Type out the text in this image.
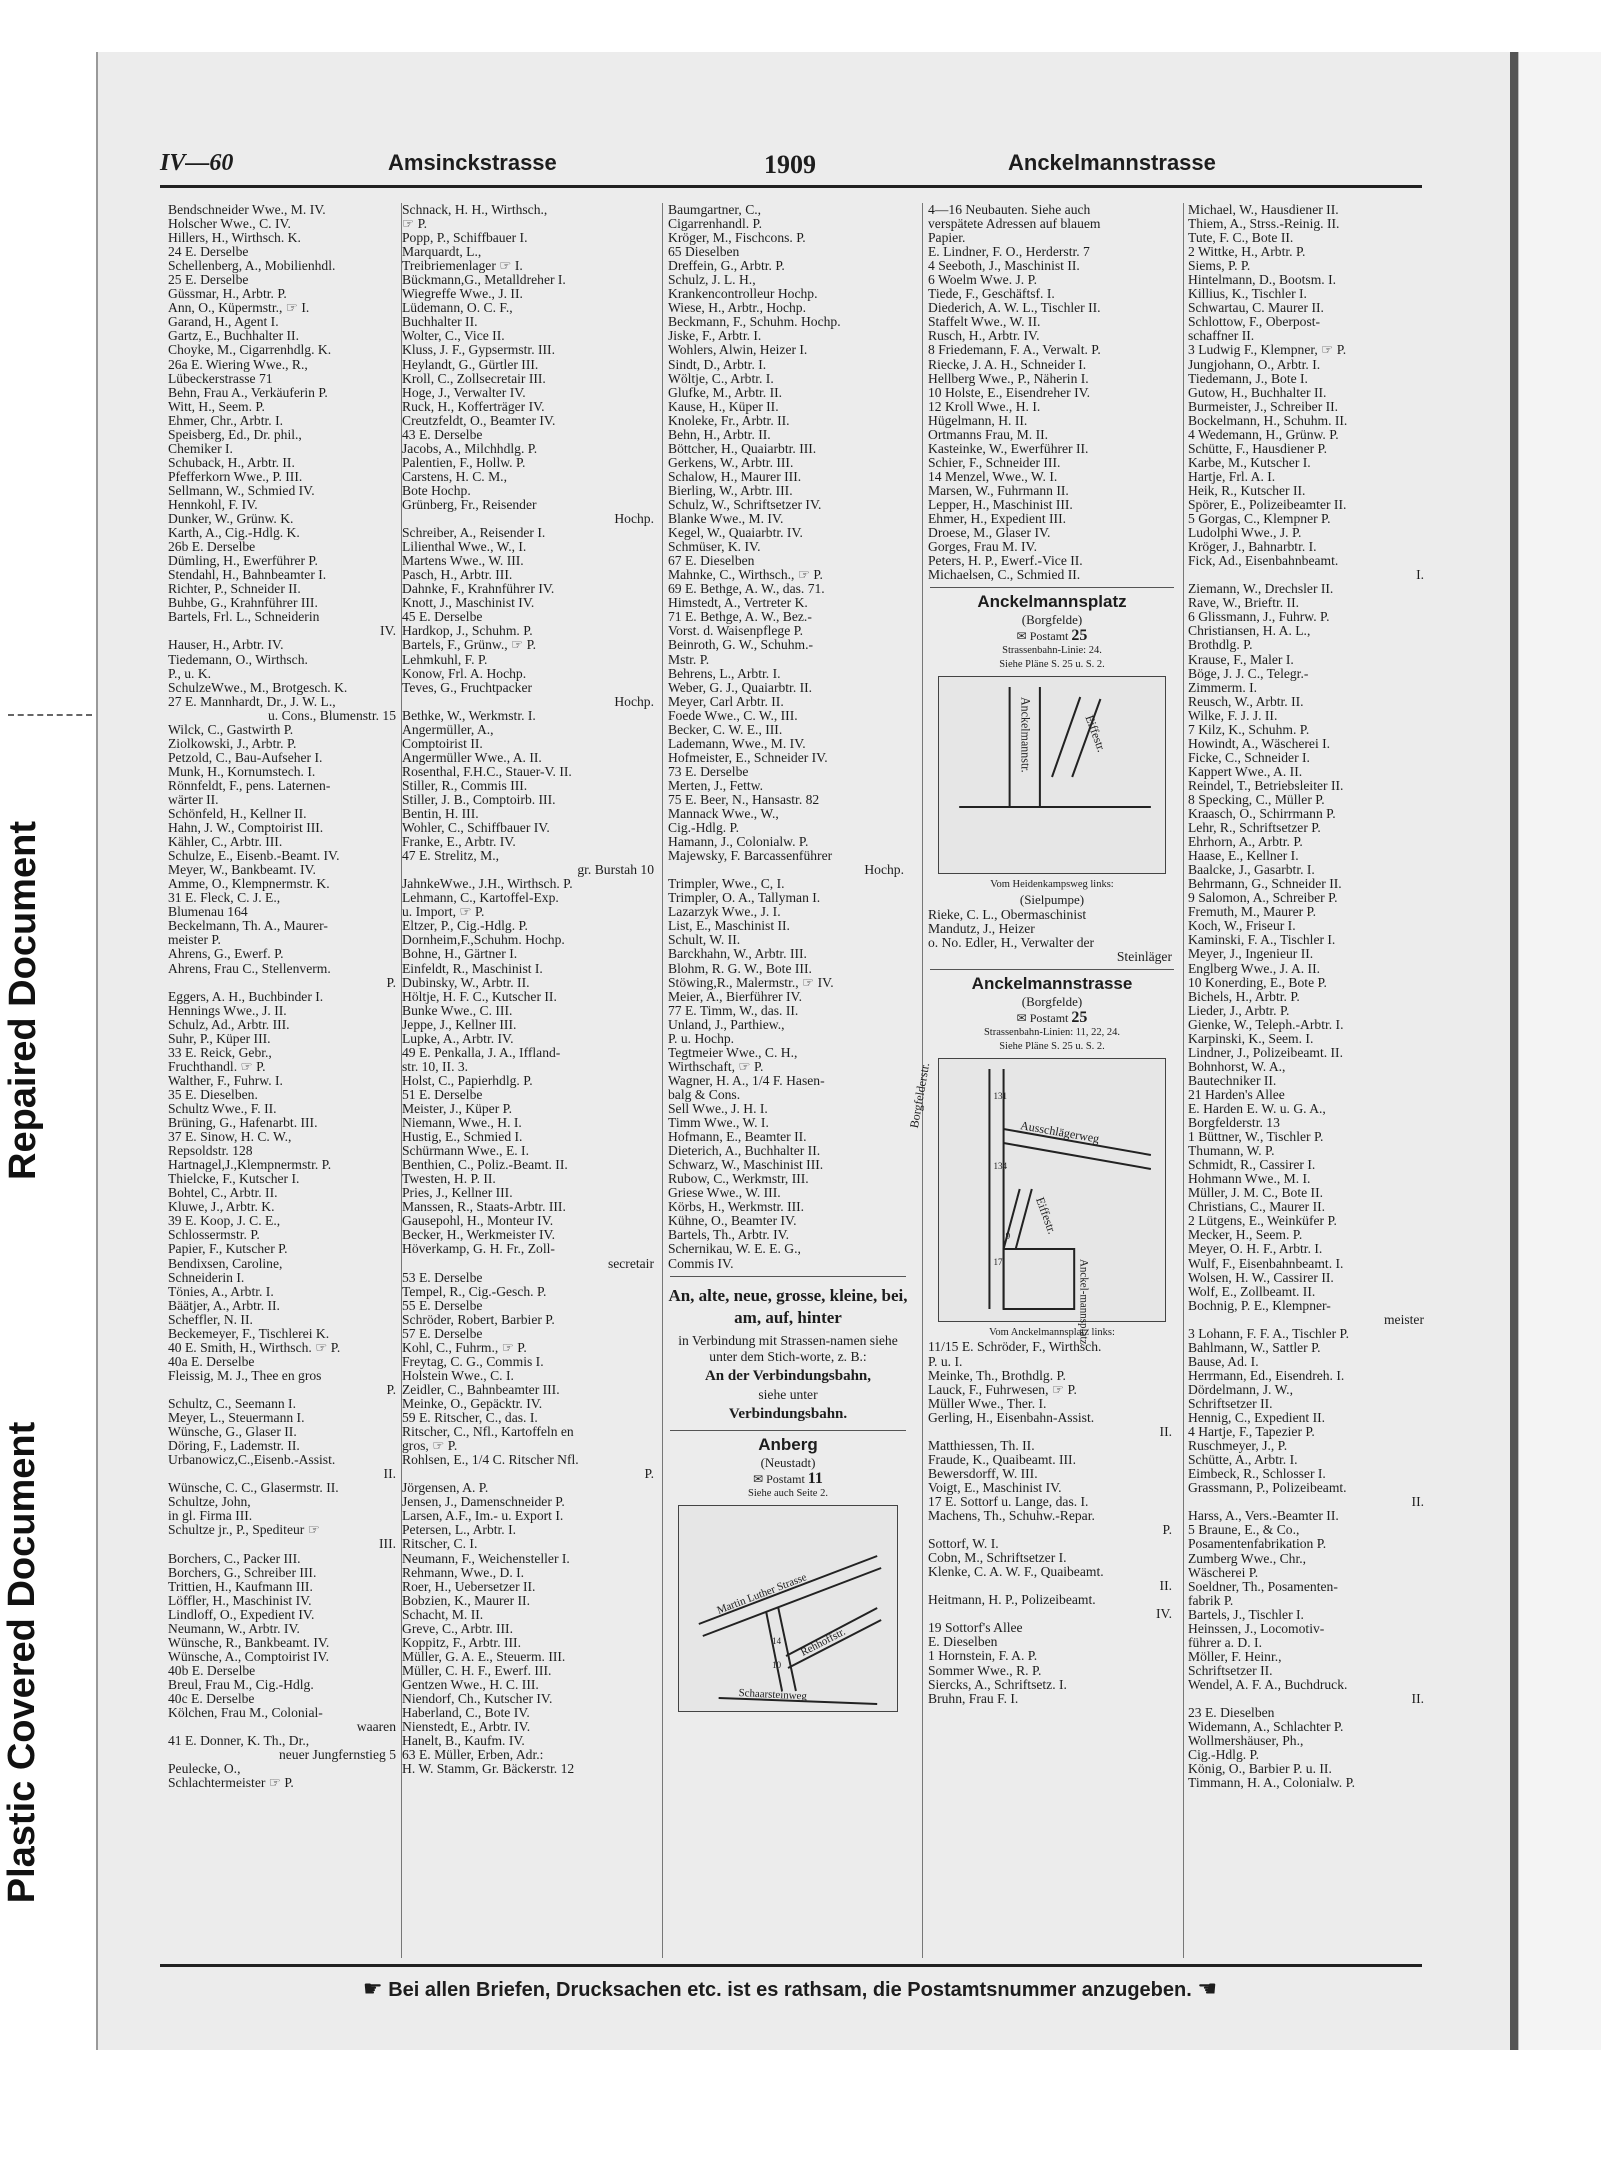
Repaired Document
Plastic Covered Document
IV—60	Amsinckstrasse	1909	Anckelmannstrasse
Bendschneider Wwe., M. IV.
Holscher Wwe., C. IV.
Hillers, H., Wirthsch. K.
24 E. Derselbe
Schellenberg, A., Mobilienhdl.
25 E. Derselbe
Güssmar, H., Arbtr. P.
Ann, O., Küpermstr., ☞ I.
Garand, H., Agent I.
Gartz, E., Buchhalter II.
Choyke, M., Cigarrenhdlg. K.
26a E. Wiering Wwe., R.,
Lübeckerstrasse 71
Behn, Frau A., Verkäuferin P.
Witt, H., Seem. P.
Ehmer, Chr., Arbtr. I.
Speisberg, Ed., Dr. phil.,
Chemiker I.
Schuback, H., Arbtr. II.
Pfefferkorn Wwe., P. III.
Sellmann, W., Schmied IV.
Hennkohl, F. IV.
Dunker, W., Grünw. K.
Karth, A., Cig.-Hdlg. K.
26b E. Derselbe
Dümling, H., Ewerführer P.
Stendahl, H., Bahnbeamter I.
Richter, P., Schneider II.
Buhbe, G., Krahnführer III.
Bartels, Frl. L., Schneiderin
IV.
Hauser, H., Arbtr. IV.
Tiedemann, O., Wirthsch.
P., u. K.
SchulzeWwe., M., Brotgesch. K.
27 E. Mannhardt, Dr., J. W. L.,
u. Cons., Blumenstr. 15
Wilck, C., Gastwirth P.
Ziolkowski, J., Arbtr. P.
Petzold, C., Bau-Aufseher I.
Munk, H., Kornumstech. I.
Rönnfeldt, F., pens. Laternen-
wärter II.
Schönfeld, H., Kellner II.
Hahn, J. W., Comptoirist III.
Kähler, C., Arbtr. III.
Schulze, E., Eisenb.-Beamt. IV.
Meyer, W., Bankbeamt. IV.
Amme, O., Klempnermstr. K.
31 E. Fleck, C. J. E.,
Blumenau 164
Beckelmann, Th. A., Maurer-
meister P.
Ahrens, G., Ewerf. P.
Ahrens, Frau C., Stellenverm.
P.
Eggers, A. H., Buchbinder I.
Hennings Wwe., J. II.
Schulz, Ad., Arbtr. III.
Suhr, P., Küper III.
33 E. Reick, Gebr.,
Fruchthandl. ☞ P.
Walther, F., Fuhrw. I.
35 E. Dieselben.
Schultz Wwe., F. II.
Brüning, G., Hafenarbt. III.
37 E. Sinow, H. C. W.,
Repsoldstr. 128
Hartnagel,J.,Klempnermstr. P.
Thielcke, F., Kutscher I.
Bohtel, C., Arbtr. II.
Kluwe, J., Arbtr. K.
39 E. Koop, J. C. E.,
Schlossermstr. P.
Papier, F., Kutscher P.
Bendixsen, Caroline,
Schneiderin I.
Tönies, A., Arbtr. I.
Bäätjer, A., Arbtr. II.
Scheffler, N. II.
Beckemeyer, F., Tischlerei K.
40 E. Smith, H., Wirthsch. ☞ P.
40a E. Derselbe
Fleissig, M. J., Thee en gros
P.
Schultz, C., Seemann I.
Meyer, L., Steuermann I.
Wünsche, G., Glaser II.
Döring, F., Lademstr. II.
Urbanowicz,C.,Eisenb.-Assist.
II.
Wünsche, C. C., Glasermstr. II.
Schultze, John,
in gl. Firma III.
Schultze jr., P., Spediteur ☞
III.
Borchers, C., Packer III.
Borchers, G., Schreiber III.
Trittien, H., Kaufmann III.
Löffler, H., Maschinist IV.
Lindloff, O., Expedient IV.
Neumann, W., Arbtr. IV.
Wünsche, R., Bankbeamt. IV.
Wünsche, A., Comptoirist IV.
40b E. Derselbe
Breul, Frau M., Cig.-Hdlg.
40c E. Derselbe
Kölchen, Frau M., Colonial-
waaren
41 E. Donner, K. Th., Dr.,
neuer Jungfernstieg 5
Peulecke, O.,
Schlachtermeister ☞ P.
Schnack, H. H., Wirthsch.,
☞ P.
Popp, P., Schiffbauer I.
Marquardt, L.,
Treibriemenlager ☞ I.
Bückmann,G., Metalldreher I.
Wiegreffe Wwe., J. II.
Lüdemann, O. C. F.,
Buchhalter II.
Wolter, C., Vice II.
Kluss, J. F., Gypsermstr. III.
Heylandt, G., Gürtler III.
Kroll, C., Zollsecretair III.
Hoge, J., Verwalter IV.
Ruck, H., Kofferträger IV.
Creutzfeldt, O., Beamter IV.
43 E. Derselbe
Jacobs, A., Milchhdlg. P.
Palentien, F., Hollw. P.
Carstens, H. C. M.,
Bote Hochp.
Grünberg, Fr., Reisender
Hochp.
Schreiber, A., Reisender I.
Lilienthal Wwe., W., I.
Martens Wwe., W. III.
Pasch, H., Arbtr. III.
Dahnke, F., Krahnführer IV.
Knott, J., Maschinist IV.
45 E. Derselbe
Hardkop, J., Schuhm. P.
Bartels, F., Grünw., ☞ P.
Lehmkuhl, F. P.
Konow, Frl. A. Hochp.
Teves, G., Fruchtpacker
Hochp.
Bethke, W., Werkmstr. I.
Angermüller, A.,
Comptoirist II.
Angermüller Wwe., A. II.
Rosenthal, F.H.C., Stauer-V. II.
Stiller, R., Commis III.
Stiller, J. B., Comptoirb. III.
Bentin, H. III.
Wohler, C., Schiffbauer IV.
Franke, E., Arbtr. IV.
47 E. Strelitz, M.,
gr. Burstah 10
JahnkeWwe., J.H., Wirthsch. P.
Lehmann, C., Kartoffel-Exp.
u. Import, ☞ P.
Eltzer, P., Cig.-Hdlg. P.
Dornheim,F.,Schuhm. Hochp.
Bohne, H., Gärtner I.
Einfeldt, R., Maschinist I.
Dubinsky, W., Arbtr. II.
Höltje, H. F. C., Kutscher II.
Bunke Wwe., C. III.
Jeppe, J., Kellner III.
Lupke, A., Arbtr. IV.
49 E. Penkalla, J. A., Iffland-
str. 10, II. 3.
Holst, C., Papierhdlg. P.
51 E. Derselbe
Meister, J., Küper P.
Niemann, Wwe., H. I.
Hustig, E., Schmied I.
Schürmann Wwe., E. I.
Benthien, C., Poliz.-Beamt. II.
Twesten, H. P. II.
Pries, J., Kellner III.
Manssen, R., Staats-Arbtr. III.
Gausepohl, H., Monteur IV.
Becker, H., Werkmeister IV.
Höverkamp, G. H. Fr., Zoll-
secretair
53 E. Derselbe
Tempel, R., Cig.-Gesch. P.
55 E. Derselbe
Schröder, Robert, Barbier P.
57 E. Derselbe
Kohl, C., Fuhrm., ☞ P.
Freytag, C. G., Commis I.
Holstein Wwe., C. I.
Zeidler, C., Bahnbeamter III.
Meinke, O., Gepäcktr. IV.
59 E. Ritscher, C., das. I.
Ritscher, C., Nfl., Kartoffeln en
gros, ☞ P.
Rohlsen, E., 1/4 C. Ritscher Nfl.
P.
Jörgensen, A. P.
Jensen, J., Damenschneider P.
Larsen, A.F., Im.- u. Export I.
Petersen, L., Arbtr. I.
Ritscher, C. I.
Neumann, F., Weichensteller I.
Rehmann, Wwe., D. I.
Roer, H., Uebersetzer II.
Bobzien, K., Maurer II.
Schacht, M. II.
Greve, C., Arbtr. III.
Koppitz, F., Arbtr. III.
Müller, G. A. E., Steuerm. III.
Müller, C. H. F., Ewerf. III.
Gentzen Wwe., H. C. III.
Niendorf, Ch., Kutscher IV.
Haberland, C., Bote IV.
Nienstedt, E., Arbtr. IV.
Hanelt, B., Kaufm. IV.
63 E. Müller, Erben, Adr.:
H. W. Stamm, Gr. Bäckerstr. 12
Baumgartner, C.,
Cigarrenhandl. P.
Kröger, M., Fischcons. P.
65 Dieselben
Dreffein, G., Arbtr. P.
Schulz, J. L. H.,
Krankencontrolleur Hochp.
Wiese, H., Arbtr., Hochp.
Beckmann, F., Schuhm. Hochp.
Jiske, F., Arbtr. I.
Wohlers, Alwin, Heizer I.
Sindt, D., Arbtr. I.
Wöltje, C., Arbtr. I.
Glufke, M., Arbtr. II.
Kause, H., Küper II.
Knoleke, Fr., Arbtr. II.
Behn, H., Arbtr. II.
Böttcher, H., Quaiarbtr. III.
Gerkens, W., Arbtr. III.
Schalow, H., Maurer III.
Bierling, W., Arbtr. III.
Schulz, W., Schriftsetzer IV.
Blanke Wwe., M. IV.
Kegel, W., Quaiarbtr. IV.
Schmüser, K. IV.
67 E. Dieselben
Mahnke, C., Wirthsch., ☞ P.
69 E. Bethge, A. W., das. 71.
Himstedt, A., Vertreter K.
71 E. Bethge, A. W., Bez.-
Vorst. d. Waisenpflege P.
Beinroth, G. W., Schuhm.-
Mstr. P.
Behrens, L., Arbtr. I.
Weber, G. J., Quaiarbtr. II.
Meyer, Carl Arbtr. II.
Foede Wwe., C. W., III.
Becker, C. W. E., III.
Lademann, Wwe., M. IV.
Hofmeister, E., Schneider IV.
73 E. Derselbe
Merten, J., Fettw.
75 E. Beer, N., Hansastr. 82
Mannack Wwe., W.,
Cig.-Hdlg. P.
Hamann, J., Colonialw. P.
Majewsky, F. Barcassenführer
Hochp.
Trimpler, Wwe., C, I.
Trimpler, O. A., Tallyman I.
Lazarzyk Wwe., J. I.
List, E., Maschinist II.
Schult, W. II.
Barckhahn, W., Arbtr. III.
Blohm, R. G. W., Bote III.
Stöwing,R., Malermstr., ☞ IV.
Meier, A., Bierführer IV.
77 E. Timm, W., das. II.
Unland, J., Parthiew.,
P. u. Hochp.
Tegtmeier Wwe., C. H.,
Wirthschaft, ☞ P.
Wagner, H. A., 1/4 F. Hasen-
balg & Cons.
Sell Wwe., J. H. I.
Timm Wwe., W. I.
Hofmann, E., Beamter II.
Dieterich, A., Buchhalter II.
Schwarz, W., Maschinist III.
Rubow, C., Werkmstr, III.
Griese Wwe., W. III.
Körbs, H., Werkmstr. III.
Kühne, O., Beamter IV.
Bartels, Th., Arbtr. IV.
Schernikau, W. E. E. G.,
Commis IV.
An, alte, neue, grosse, kleine, bei, am, auf, hinter
in Verbindung mit Strassen-namen siehe unter dem Stich-worte, z. B.:
An der Verbindungsbahn,
siehe unter
Verbindungsbahn.
Anberg
(Neustadt)
✉ Postamt 11
Siehe auch Seite 2.
Martin Luther Strasse
Rehhoffstr.
Schaarsteinweg
14
10
4—16 Neubauten. Siehe auch
verspätete Adressen auf blauem
Papier.
E. Lindner, F. O., Herderstr. 7
4 Seeboth, J., Maschinist II.
6 Woelm Wwe. J. P.
Tiede, F., Geschäftsf. I.
Diederich, A. W. L., Tischler II.
Staffelt Wwe., W. II.
Rusch, H., Arbtr. IV.
8 Friedemann, F. A., Verwalt. P.
Riecke, J. A. H., Schneider I.
Hellberg Wwe., P., Näherin I.
10 Holste, E., Eisendreher IV.
12 Kroll Wwe., H. I.
Hügelmann, H. II.
Ortmanns Frau, M. II.
Kasteinke, W., Ewerführer II.
Schier, F., Schneider III.
14 Menzel, Wwe., W. I.
Marsen, W., Fuhrmann II.
Lepper, H., Maschinist III.
Ehmer, H., Expedient III.
Droese, M., Glaser IV.
Gorges, Frau M. IV.
Peters, H. P., Ewerf.-Vice II.
Michaelsen, C., Schmied II.
Anckelmannsplatz
(Borgfelde)
✉ Postamt 25
Strassenbahn-Linie: 24.
Siehe Pläne S. 25 u. S. 2.
Anckelmannstr.	Eiffestr.
Vom Heidenkampsweg links:
(Sielpumpe)
Rieke, C. L., Obermaschinist
Mandutz, J., Heizer
o. No. Edler, H., Verwalter der
Steinläger
Anckelmannstrasse
(Borgfelde)
✉ Postamt 25
Strassenbahn-Linien: 11, 22, 24.
Siehe Pläne S. 25 u. S. 2.
Borgfelderstr.
Ausschlägerweg
Eiffestr.
Anckel-mannsplatz
131
134
9
17
Vom Anckelmannsplatz links:
11/15 E. Schröder, F., Wirthsch.
P. u. I.
Meinke, Th., Brothdlg. P.
Lauck, F., Fuhrwesen, ☞ P.
Müller Wwe., Ther. I.
Gerling, H., Eisenbahn-Assist.
II.
Matthiessen, Th. II.
Fraude, K., Quaibeamt. III.
Bewersdorff, W. III.
Voigt, E., Maschinist IV.
17 E. Sottorf u. Lange, das. I.
Machens, Th., Schuhw.-Repar.
P.
Sottorf, W. I.
Cobn, M., Schriftsetzer I.
Klenke, C. A. W. F., Quaibeamt.
II.
Heitmann, H. P., Polizeibeamt.
IV.
19 Sottorf's Allee
E. Dieselben
1 Hornstein, F. A. P.
Sommer Wwe., R. P.
Siercks, A., Schriftsetz. I.
Bruhn, Frau F. I.
Michael, W., Hausdiener II.
Thiem, A., Strss.-Reinig. II.
Tute, F. C., Bote II.
2 Wittke, H., Arbtr. P.
Siems, P. P.
Hintelmann, D., Bootsm. I.
Killius, K., Tischler I.
Schwartau, C. Maurer II.
Schlottow, F., Oberpost-
schaffner II.
3 Ludwig F., Klempner, ☞ P.
Jungjohann, O., Arbtr. I.
Tiedemann, J., Bote I.
Gutow, H., Buchhalter II.
Burmeister, J., Schreiber II.
Bockelmann, H., Schuhm. II.
4 Wedemann, H., Grünw. P.
Schütte, F., Hausdiener P.
Karbe, M., Kutscher I.
Hartje, Frl. A. I.
Heik, R., Kutscher II.
Spörer, E., Polizeibeamter II.
5 Gorgas, C., Klempner P.
Ludolphi Wwe., J. P.
Kröger, J., Bahnarbtr. I.
Fick, Ad., Eisenbahnbeamt.
I.
Ziemann, W., Drechsler II.
Rave, W., Brieftr. II.
6 Glissmann, J., Fuhrw. P.
Christiansen, H. A. L.,
Brothdlg. P.
Krause, F., Maler I.
Böge, J. J. C., Telegr.-
Zimmerm. I.
Reusch, W., Arbtr. II.
Wilke, F. J. J. II.
7 Kilz, K., Schuhm. P.
Howindt, A., Wäscherei I.
Ficke, C., Schneider I.
Kappert Wwe., A. II.
Reindel, T., Betriebsleiter II.
8 Specking, C., Müller P.
Kraasch, O., Schirrmann P.
Lehr, R., Schriftsetzer P.
Ehrhorn, A., Arbtr. P.
Haase, E., Kellner I.
Baalcke, J., Gasarbtr. I.
Behrmann, G., Schneider II.
9 Salomon, A., Schreiber P.
Fremuth, M., Maurer P.
Koch, W., Friseur I.
Kaminski, F. A., Tischler I.
Meyer, J., Ingenieur II.
Englberg Wwe., J. A. II.
10 Konerding, E., Bote P.
Bichels, H., Arbtr. P.
Lieder, J., Arbtr. P.
Gienke, W., Teleph.-Arbtr. I.
Karpinski, K., Seem. I.
Lindner, J., Polizeibeamt. II.
Bohnhorst, W. A.,
Bautechniker II.
21 Harden's Allee
E. Harden E. W. u. G. A.,
Borgfelderstr. 13
1 Büttner, W., Tischler P.
Thumann, W. P.
Schmidt, R., Cassirer I.
Hohmann Wwe., M. I.
Müller, J. M. C., Bote II.
Christians, C., Maurer II.
2 Lütgens, E., Weinküfer P.
Mecker, H., Seem. P.
Meyer, O. H. F., Arbtr. I.
Wulf, F., Eisenbahnbeamt. I.
Wolsen, H. W., Cassirer II.
Wolf, E., Zollbeamt. II.
Bochnig, P. E., Klempner-
meister
3 Lohann, F. F. A., Tischler P.
Bahlmann, W., Sattler P.
Bause, Ad. I.
Herrmann, Ed., Eisendreh. I.
Dördelmann, J. W.,
Schriftsetzer II.
Hennig, C., Expedient II.
4 Hartje, F., Tapezier P.
Ruschmeyer, J., P.
Schütte, A., Arbtr. I.
Eimbeck, R., Schlosser I.
Grassmann, P., Polizeibeamt.
II.
Harss, A., Vers.-Beamter II.
5 Braune, E., & Co.,
Posamentenfabrikation P.
Zumberg Wwe., Chr.,
Wäscherei P.
Soeldner, Th., Posamenten-
fabrik P.
Bartels, J., Tischler I.
Heinssen, J., Locomotiv-
führer a. D. I.
Möller, F. Heinr.,
Schriftsetzer II.
Wendel, A. F. A., Buchdruck.
II.
23 E. Dieselben
Widemann, A., Schlachter P.
Wollmershäuser, Ph.,
Cig.-Hdlg. P.
König, O., Barbier P. u. II.
Timmann, H. A., Colonialw. P.
☛ Bei allen Briefen, Drucksachen etc. ist es rathsam, die Postamtsnummer anzugeben. ☚
